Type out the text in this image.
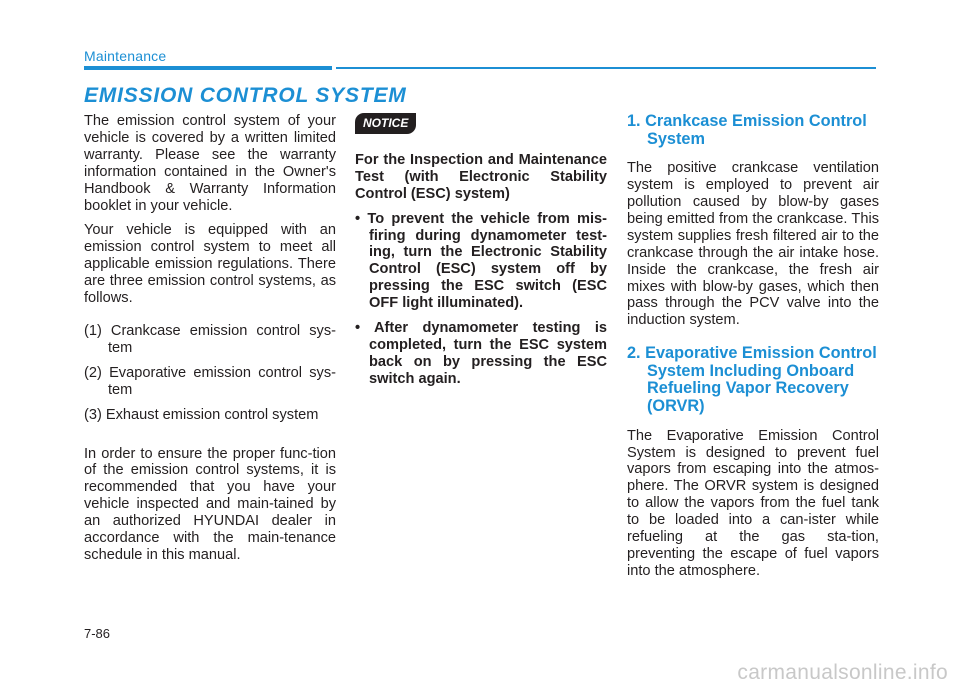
Maintenance
EMISSION CONTROL SYSTEM

The emission control system of your vehicle is covered by a written limited warranty. Please see the warranty information contained in the Owner's Handbook & Warranty Information booklet in your vehicle.

Your vehicle is equipped with an emission control system to meet all applicable emission regulations. There are three emission control systems, as follows.

(1) Crankcase emission control sys-tem

(2) Evaporative emission control sys-tem

(3) Exhaust emission control system

In order to ensure the proper func-tion of the emission control systems, it is recommended that you have your vehicle inspected and main-tained by an authorized HYUNDAI dealer in accordance with the main-tenance schedule in this manual.

NOTICE

For the Inspection and Maintenance Test (with Electronic Stability Control (ESC) system)

• To prevent the vehicle from mis-firing during dynamometer test-ing, turn the Electronic Stability Control (ESC) system off by pressing the ESC switch (ESC OFF light illuminated).

• After dynamometer testing is completed, turn the ESC system back on by pressing the ESC switch again.

1. Crankcase Emission Control System

The positive crankcase ventilation system is employed to prevent air pollution caused by blow-by gases being emitted from the crankcase. This system supplies fresh filtered air to the crankcase through the air intake hose. Inside the crankcase, the fresh air mixes with blow-by gases, which then pass through the PCV valve into the induction system.

2. Evaporative Emission Control System Including Onboard Refueling Vapor Recovery (ORVR)

The Evaporative Emission Control System is designed to prevent fuel vapors from escaping into the atmos-phere. The ORVR system is designed to allow the vapors from the fuel tank to be loaded into a can-ister while refueling at the gas sta-tion, preventing the escape of fuel vapors into the atmosphere.

7-86
carmanualsonline.info
